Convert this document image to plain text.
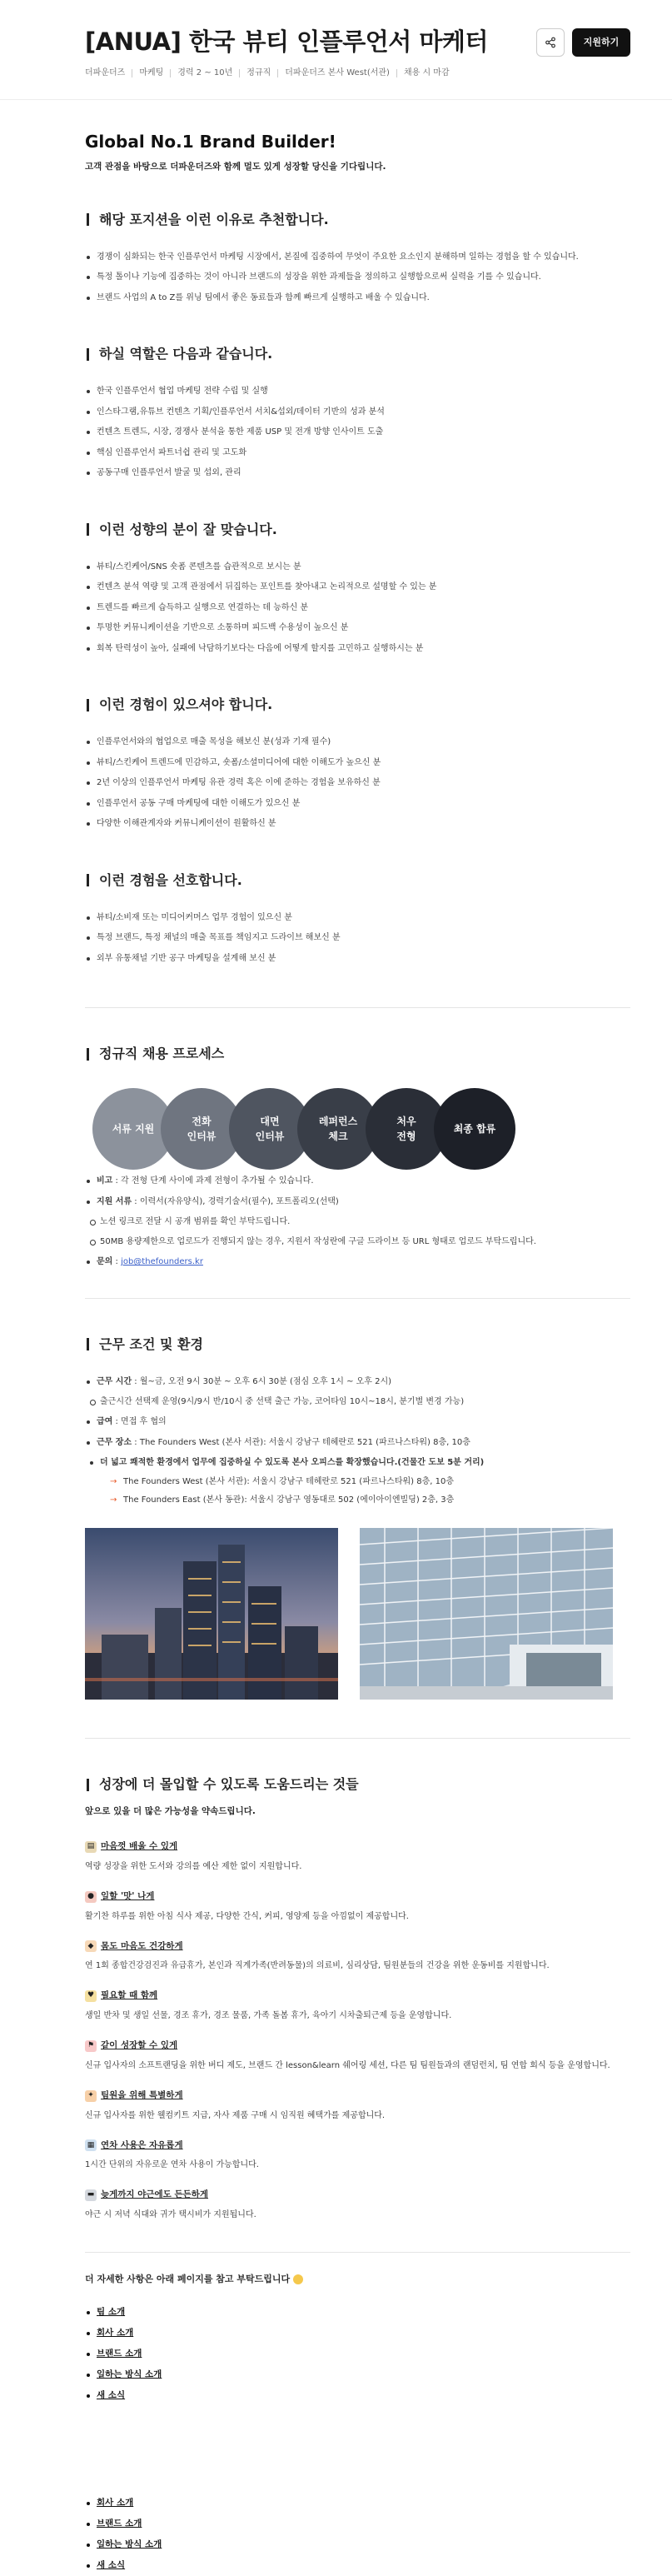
[ANUA] 한국 뷰티 인플루언서 마케터
더파운더즈 마케팅 경력 2 ~ 10년 정규직 더파운더즈 본사 West(서관) 채용 시 마감
지원하기
Global No.1 Brand Builder!
고객 관점을 바탕으로 더파운더즈와 함께 멀도 있게 성장할 당신을 기다립니다.
해당 포지션을 이런 이유로 추천합니다.
경쟁이 심화되는 한국 인플루언서 마케팅 시장에서, 본질에 집중하여 무엇이 주요한 요소인지 분해하며 일하는 경험을 할 수 있습니다.
특정 톨이나 기능에 집중하는 것이 아니라 브랜드의 성장을 위한 과제들을 정의하고 실행함으로써 실력을 기를 수 있습니다.
브랜드 사업의 A to Z를 위닝 팀에서 좋은 동료들과 함께 빠르게 실행하고 배울 수 있습니다.
하실 역할은 다음과 같습니다.
한국 인플루언서 협업 마케팅 전략 수립 및 실행
인스타그램,유튜브 컨텐츠 기획/인플루언서 서치&섭외/데이터 기반의 성과 분석
컨텐츠 트렌드, 시장, 경쟁사 분석을 통한 제품 USP 및 전개 방향 인사이트 도출
핵심 인플루언서 파트너쉽 관리 및 고도화
공동구매 인플루언서 발굴 및 섭외, 관리
이런 성향의 분이 잘 맞습니다.
뷰티/스킨케어/SNS 숏폼 콘텐츠를 습관적으로 보시는 분
컨텐츠 분석 역량 및 고객 관점에서 뒤집하는 포인트를 찾아내고 논리적으로 설명할 수 있는 분
트렌드를 빠르게 습득하고 실행으로 연결하는 데 능하신 분
투명한 커뮤니케이션을 기반으로 소통하며 피드백 수용성이 높으신 분
회복 탄력성이 높아, 실패에 낙담하기보다는 다음에 어떻게 할지를 고민하고 실행하시는 분
이런 경험이 있으셔야 합니다.
인플루언서와의 협업으로 매출 목성을 해보신 분(성과 기재 필수)
뷰티/스킨케어 트렌드에 민감하고, 숏폼/소셜미디어에 대한 이해도가 높으신 분
2년 이상의 인플루언서 마케팅 유관 경력 혹은 이에 준하는 경험을 보유하신 분
인플루언서 공동 구매 마케팅에 대한 이해도가 있으신 분
다양한 이해관계자와 커뮤니케이션이 원활하신 분
이런 경험을 선호합니다.
뷰티/소비재 또는 미디어커머스 업무 경험이 있으신 분
특정 브랜드, 특정 채널의 매출 목표를 책임지고 드라이브 해보신 분
외부 유통채널 기반 공구 마케팅을 설계해 보신 분
정규직 채용 프로세스
서류 지원
전화
인터뷰
대면
인터뷰
레퍼런스
체크
처우
전형
최종 합류
비고 : 각 전형 단계 사이에 과제 전형이 추가될 수 있습니다.
지원 서류 : 이력서(자유양식), 경력기술서(필수), 포트폴리오(선택)
노션 링크로 전달 시 공개 범위를 확인 부탁드립니다.
50MB 용량제한으로 업로드가 진행되지 않는 경우, 지원서 작성란에 구글 드라이브 등 URL 형태로 업로드 부탁드립니다.
문의 : job@thefounders.kr
근무 조건 및 환경
근무 시간 : 월~금, 오전 9시 30분 ~ 오후 6시 30분 (점심 오후 1시 ~ 오후 2시)
출근시간 선택제 운영(9시/9시 반/10시 중 선택 출근 가능, 코어타임 10시~18시, 분기별 변경 가능)
급여 : 면접 후 협의
근무 장소 : The Founders West (본사 서관): 서울시 강남구 테헤란로 521 (파르나스타워) 8층, 10층
더 넓고 쾌적한 환경에서 업무에 집중하실 수 있도록 본사 오피스를 확장했습니다.(건물간 도보 5분 거리)
→ The Founders West (본사 서관): 서울시 강남구 테헤란로 521 (파르나스타워) 8층, 10층
→ The Founders East (본사 동관): 서울시 강남구 영동대로 502 (에이아이엔빌딩) 2층, 3층
성장에 더 몰입할 수 있도록 도움드리는 것들
앞으로 있을 더 많은 가능성을 약속드립니다.
▤ 마음껏 배울 수 있게
역량 성장을 위한 도서와 강의를 예산 제한 없이 지원합니다.
● 일할 '맛' 나게
활기찬 하루를 위한 아침 식사 제공, 다양한 간식, 커피, 영양제 등을 아낌없이 제공합니다.
◆ 몸도 마음도 건강하게
연 1회 종합건강검진과 유급휴가, 본인과 직계가족(반려동물)의 의료비, 심리상담, 팀원분들의 건강을 위한 운동비를 지원합니다.
♥ 필요할 때 함께
생일 반차 및 생일 선물, 경조 휴가, 경조 물품, 가족 돌봄 휴가, 육아기 시차출퇴근제 등을 운영합니다.
⚑ 같이 성장할 수 있게
신규 입사자의 소프트랜딩을 위한 버디 제도, 브랜드 간 lesson&learn 쉐어링 세션, 다른 팀 팀원들과의 랜덤런치, 팀 연합 회식 등을 운영합니다.
✦ 팀원을 위해 특별하게
신규 입사자를 위한 웰컴키트 지급, 자사 제품 구매 시 임직원 혜택가를 제공합니다.
▦ 연차 사용은 자유롭게
1시간 단위의 자유로운 연차 사용이 가능합니다.
▬ 늦게까지 야근에도 든든하게
야근 시 저녁 식대와 귀가 택시비가 지원됩니다.
더 자세한 사항은 아래 페이지를 참고 부탁드립니다
팀 소개
회사 소개
브랜드 소개
일하는 방식 소개
새 소식
회사 소개
브랜드 소개
일하는 방식 소개
새 소식
